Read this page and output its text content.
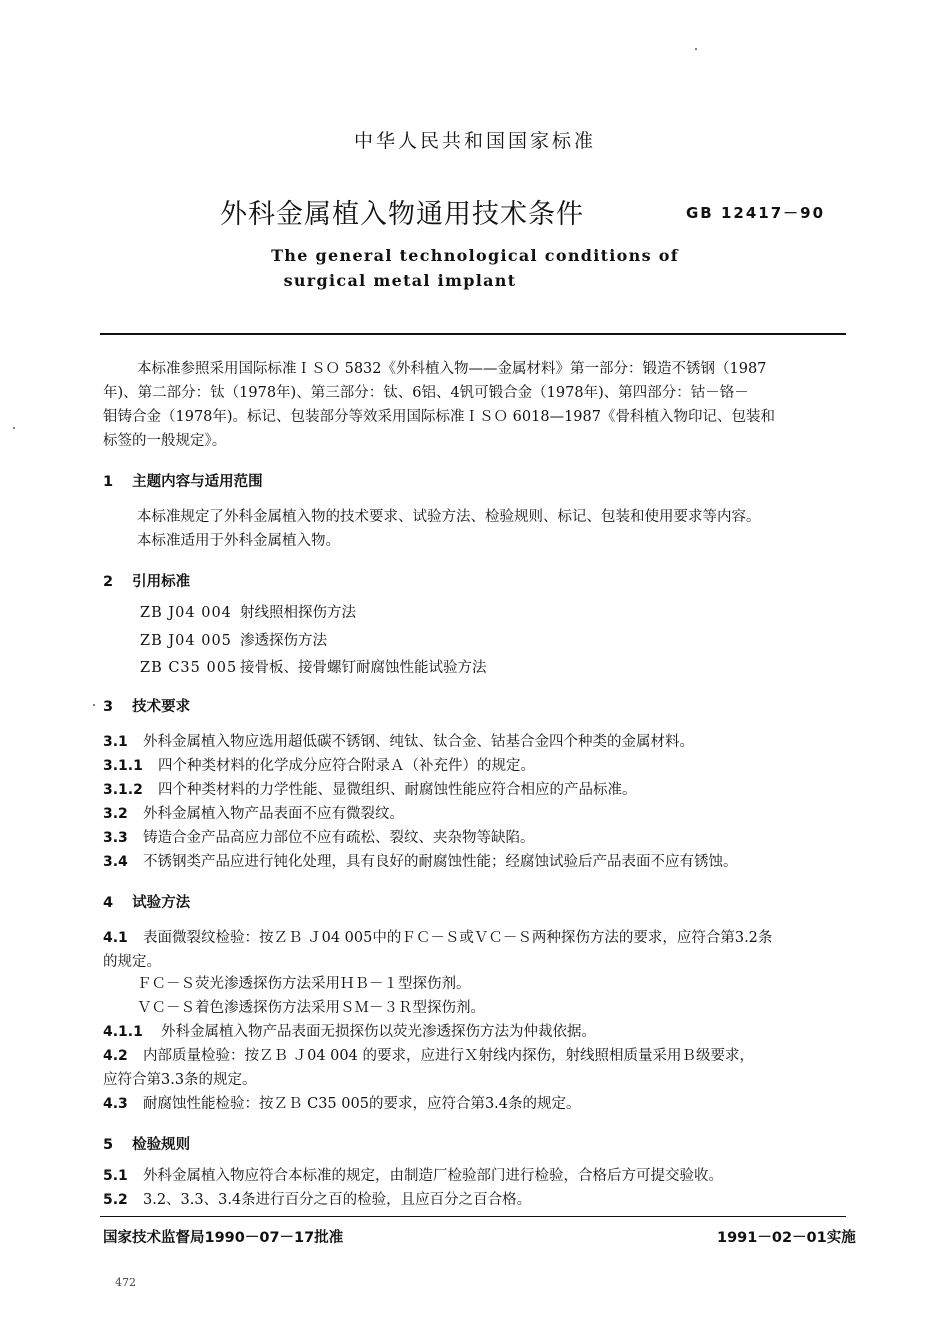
中华人民共和国国家标准
外科金属植入物通用技术条件	GB 12417－90
The general technological conditions of
surgical metal implant
本标准参照采用国际标准ＩＳＯ 5832《外科植入物——金属材料》第一部分：锻造不锈钢（1987
年)、第二部分：钛（1978年)、第三部分：钛、6铝、4钒可锻合金（1978年)、第四部分：钴－铬－
钼铸合金（1978年)。标记、包装部分等效采用国际标准ＩＳＯ 6018—1987《骨科植入物印记、包装和
标签的一般规定》。
1 主题内容与适用范围
本标准规定了外科金属植入物的技术要求、试验方法、检验规则、标记、包装和使用要求等内容。
本标准适用于外科金属植入物。
2 引用标准
ZB J04 004 射线照相探伤方法
ZB J04 005 渗透探伤方法
ZB C35 005 接骨板、接骨螺钉耐腐蚀性能试验方法
3 技术要求
3.1 外科金属植入物应选用超低碳不锈钢、纯钛、钛合金、钴基合金四个种类的金属材料。
3.1.1 四个种类材料的化学成分应符合附录Ａ（补充件）的规定。
3.1.2 四个种类材料的力学性能、显微组织、耐腐蚀性能应符合相应的产品标准。
3.2 外科金属植入物产品表面不应有微裂纹。
3.3 铸造合金产品高应力部位不应有疏松、裂纹、夹杂物等缺陷。
3.4 不锈钢类产品应进行钝化处理，具有良好的耐腐蚀性能；经腐蚀试验后产品表面不应有锈蚀。
4 试验方法
4.1 表面微裂纹检验：按ＺＢ Ｊ04 005中的ＦＣ－Ｓ或ＶＣ－Ｓ两种探伤方法的要求，应符合第3.2条
的规定。
ＦＣ－Ｓ荧光渗透探伤方法采用ＨＢ－１型探伤剂。
ＶＣ－Ｓ着色渗透探伤方法采用ＳＭ－３Ｒ型探伤剂。
4.1.1 外科金属植入物产品表面无损探伤以荧光渗透探伤方法为仲裁依据。
4.2 内部质量检验：按ＺＢ Ｊ04 004 的要求，应进行Ｘ射线内探伤，射线照相质量采用Ｂ级要求，
应符合第3.3条的规定。
4.3 耐腐蚀性能检验：按ＺＢ C35 005的要求，应符合第3.4条的规定。
5 检验规则
5.1 外科金属植入物应符合本标准的规定，由制造厂检验部门进行检验，合格后方可提交验收。
5.2 3.2、3.3、3.4条进行百分之百的检验，且应百分之百合格。
国家技术监督局1990－07－17批准	1991－02－01实施
472
